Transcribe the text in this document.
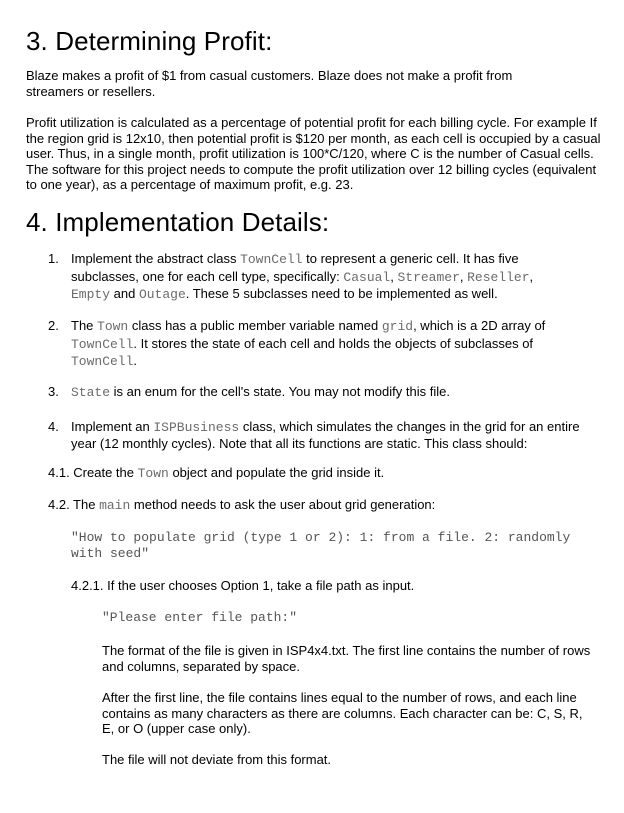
3. Determining Profit:

Blaze makes a profit of $1 from casual customers. Blaze does not make a profit from streamers or resellers.

Profit utilization is calculated as a percentage of potential profit for each billing cycle. For example If the region grid is 12x10, then potential profit is $120 per month, as each cell is occupied by a casual user. Thus, in a single month, profit utilization is 100*C/120, where C is the number of Casual cells. The software for this project needs to compute the profit utilization over 12 billing cycles (equivalent to one year), as a percentage of maximum profit, e.g. 23.

4. Implementation Details:
1. Implement the abstract class TownCell to represent a generic cell. It has five subclasses, one for each cell type, specifically: Casual, Streamer, Reseller,
Empty and Outage. These 5 subclasses need to be implemented as well.
2. The Town class has a public member variable named grid, which is a 2D array of
TownCell. It stores the state of each cell and holds the objects of subclasses of
TownCell.
3. State is an enum for the cell's state. You may not modify this file.
4. Implement an ISPBusiness class, which simulates the changes in the grid for an entire year (12 monthly cycles). Note that all its functions are static. This class should:
4.1. Create the Town object and populate the grid inside it.
4.2. The main method needs to ask the user about grid generation:
"How to populate grid (type 1 or 2): 1: from a file. 2: randomly with seed"

4.2.1. If the user chooses Option 1, take a file path as input.

"Please enter file path:"

The format of the file is given in ISP4x4.txt. The first line contains the number of rows and columns, separated by space.

After the first line, the file contains lines equal to the number of rows, and each line contains as many characters as there are columns. Each character can be: C, S, R, E, or O (upper case only).

The file will not deviate from this format.
